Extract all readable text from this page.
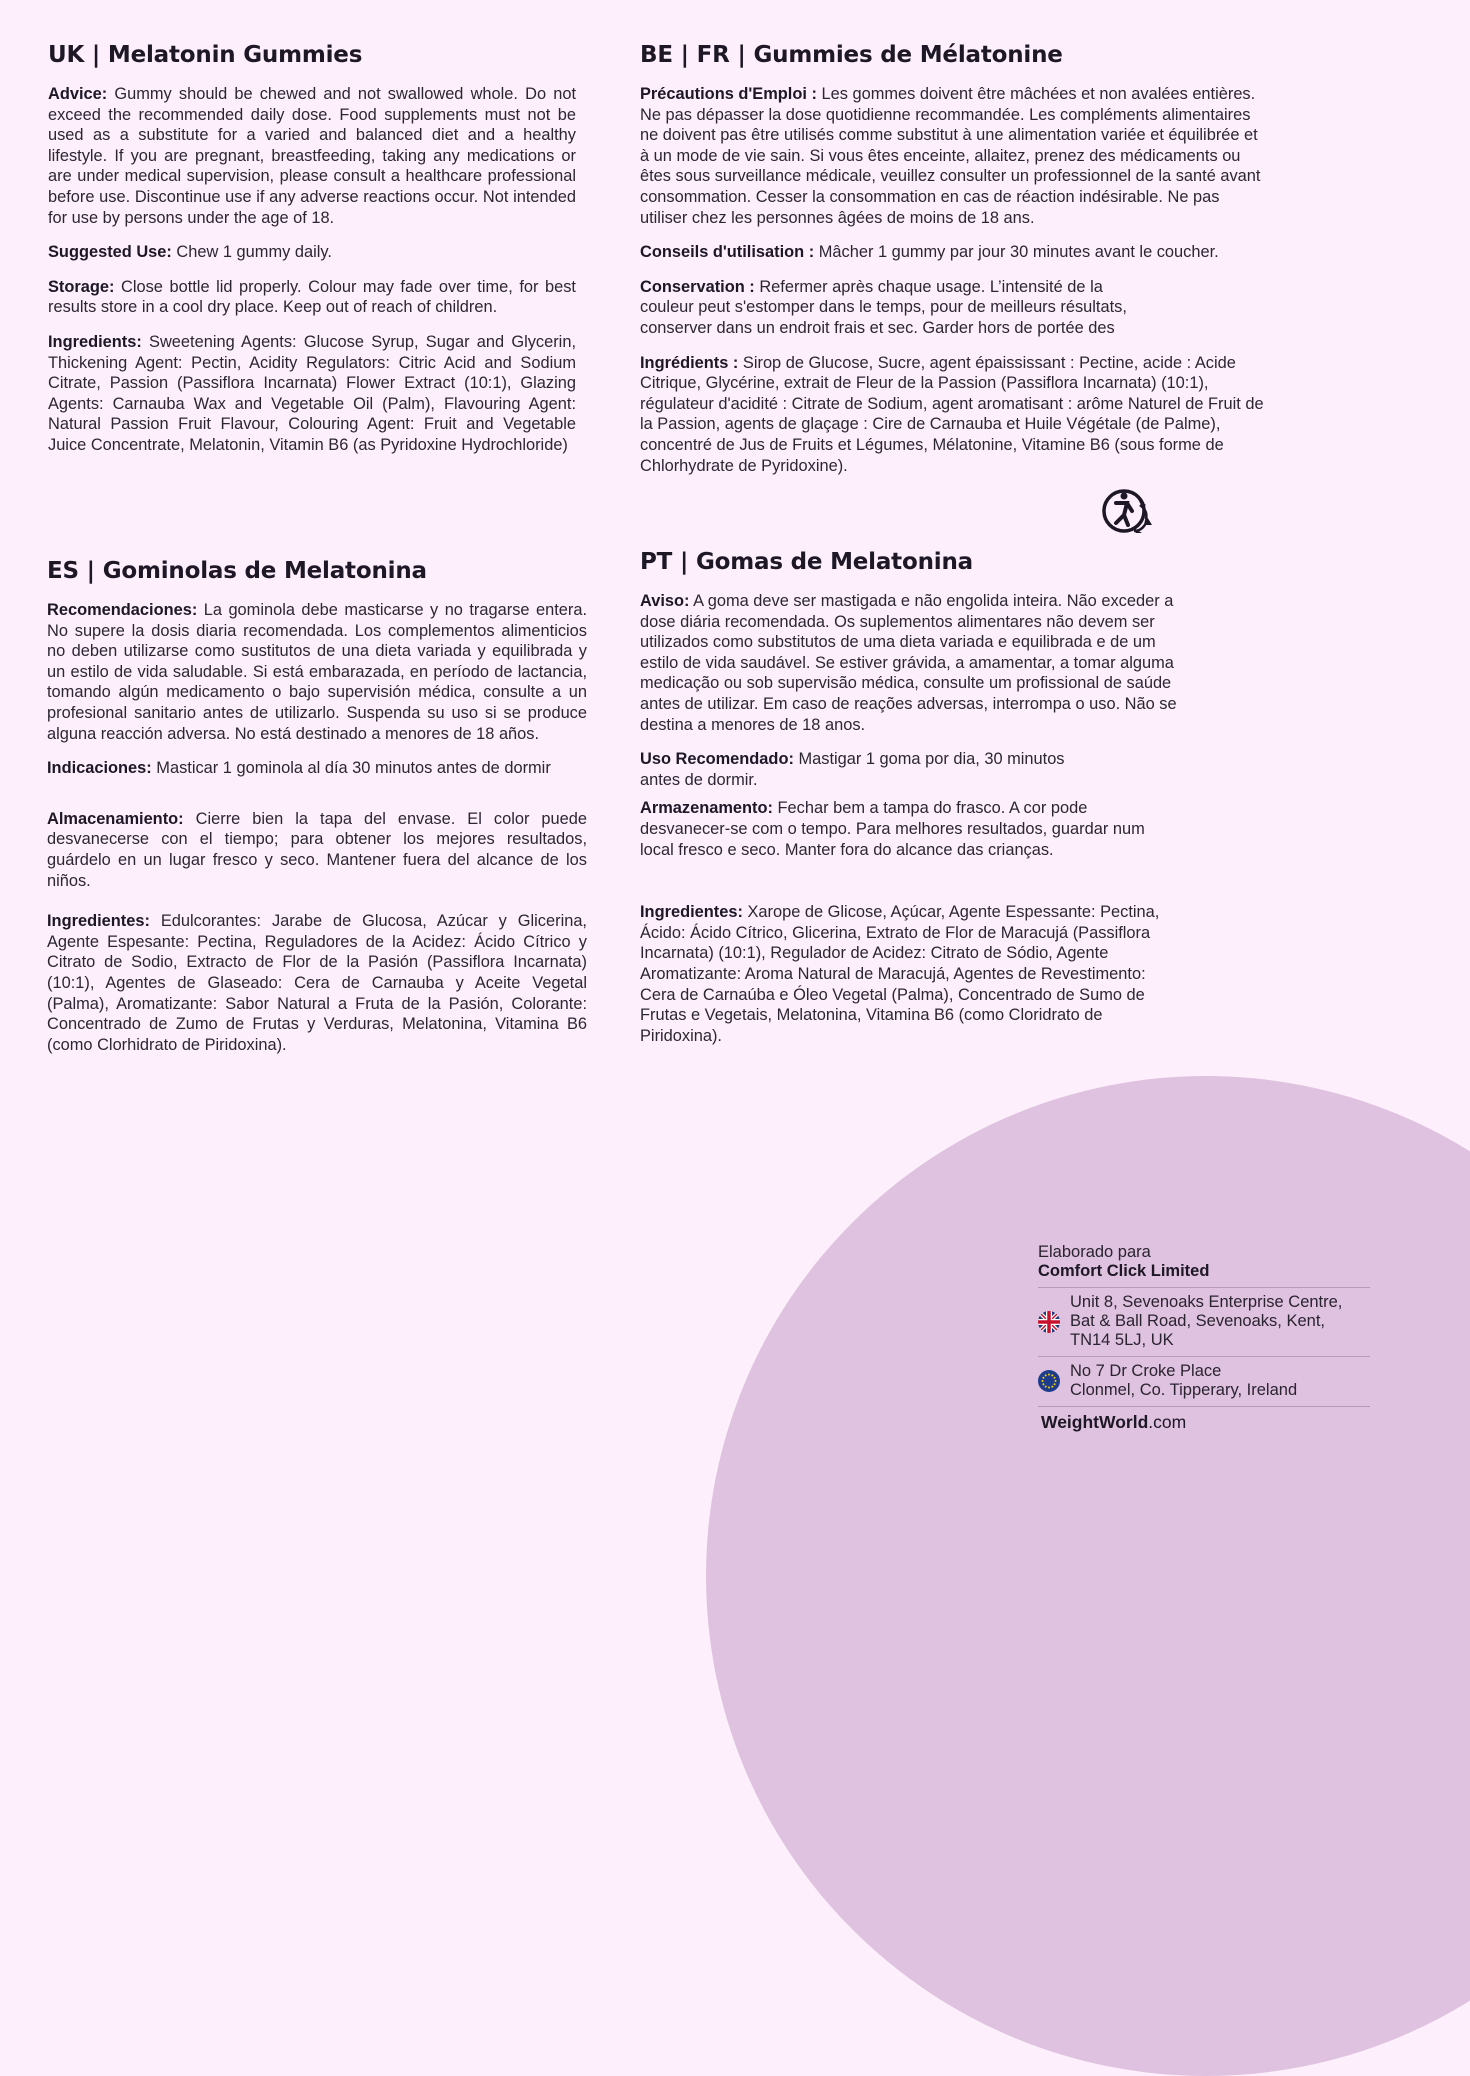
UK | Melatonin Gummies

Advice: Gummy should be chewed and not swallowed whole. Do not exceed the recommended daily dose. Food supplements must not be used as a substitute for a varied and balanced diet and a healthy lifestyle. If you are pregnant, breastfeeding, taking any medications or are under medical supervision, please consult a healthcare professional before use. Discontinue use if any adverse reactions occur. Not intended for use by persons under the age of 18.

Suggested Use: Chew 1 gummy daily.

Storage: Close bottle lid properly. Colour may fade over time, for best results store in a cool dry place. Keep out of reach of children.

Ingredients: Sweetening Agents: Glucose Syrup, Sugar and Glycerin, Thickening Agent: Pectin, Acidity Regulators: Citric Acid and Sodium Citrate, Passion (Passiflora Incarnata) Flower Extract (10:1), Glazing Agents: Carnauba Wax and Vegetable Oil (Palm), Flavouring Agent: Natural Passion Fruit Flavour, Colouring Agent: Fruit and Vegetable Juice Concentrate, Melatonin, Vitamin B6 (as Pyridoxine Hydrochloride)

BE | FR | Gummies de Mélatonine

Précautions d'Emploi : Les gommes doivent être mâchées et non avalées entières. Ne pas dépasser la dose quotidienne recommandée. Les compléments alimentaires ne doivent pas être utilisés comme substitut à une alimentation variée et équilibrée et à un mode de vie sain. Si vous êtes enceinte, allaitez, prenez des médicaments ou êtes sous surveillance médicale, veuillez consulter un professionnel de la santé avant consommation. Cesser la consommation en cas de réaction indésirable. Ne pas utiliser chez les personnes âgées de moins de 18 ans.

Conseils d'utilisation : Mâcher 1 gummy par jour 30 minutes avant le coucher.

Conservation : Refermer après chaque usage. L’intensité de la couleur peut s'estomper dans le temps, pour de meilleurs résultats, conserver dans un endroit frais et sec. Garder hors de portée des

Ingrédients : Sirop de Glucose, Sucre, agent épaississant : Pectine, acide : Acide Citrique, Glycérine, extrait de Fleur de la Passion (Passiflora Incarnata) (10:1), régulateur d'acidité : Citrate de Sodium, agent aromatisant : arôme Naturel de Fruit de la Passion, agents de glaçage : Cire de Carnauba et Huile Végétale (de Palme), concentré de Jus de Fruits et Légumes, Mélatonine, Vitamine B6 (sous forme de Chlorhydrate de Pyridoxine).

ES | Gominolas de Melatonina

Recomendaciones: La gominola debe masticarse y no tragarse entera. No supere la dosis diaria recomendada. Los complementos alimenticios no deben utilizarse como sustitutos de una dieta variada y equilibrada y un estilo de vida saludable. Si está embarazada, en período de lactancia, tomando algún medicamento o bajo supervisión médica, consulte a un profesional sanitario antes de utilizarlo. Suspenda su uso si se produce alguna reacción adversa. No está destinado a menores de 18 años.

Indicaciones: Masticar 1 gominola al día 30 minutos antes de dormir

Almacenamiento: Cierre bien la tapa del envase. El color puede desvanecerse con el tiempo; para obtener los mejores resultados, guárdelo en un lugar fresco y seco. Mantener fuera del alcance de los niños.

Ingredientes: Edulcorantes: Jarabe de Glucosa, Azúcar y Glicerina, Agente Espesante: Pectina, Reguladores de la Acidez: Ácido Cítrico y Citrato de Sodio, Extracto de Flor de la Pasión (Passiflora Incarnata) (10:1), Agentes de Glaseado: Cera de Carnauba y Aceite Vegetal (Palma), Aromatizante: Sabor Natural a Fruta de la Pasión, Colorante: Concentrado de Zumo de Frutas y Verduras, Melatonina, Vitamina B6 (como Clorhidrato de Piridoxina).

PT | Gomas de Melatonina

Aviso: A goma deve ser mastigada e não engolida inteira. Não exceder a dose diária recomendada. Os suplementos alimentares não devem ser utilizados como substitutos de uma dieta variada e equilibrada e de um estilo de vida saudável. Se estiver grávida, a amamentar, a tomar alguma medicação ou sob supervisão médica, consulte um profissional de saúde antes de utilizar. Em caso de reações adversas, interrompa o uso. Não se destina a menores de 18 anos.

Uso Recomendado: Mastigar 1 goma por dia, 30 minutos antes de dormir.

Armazenamento: Fechar bem a tampa do frasco. A cor pode desvanecer-se com o tempo. Para melhores resultados, guardar num local fresco e seco. Manter fora do alcance das crianças.

Ingredientes: Xarope de Glicose, Açúcar, Agente Espessante: Pectina, Ácido: Ácido Cítrico, Glicerina, Extrato de Flor de Maracujá (Passiflora Incarnata) (10:1), Regulador de Acidez: Citrato de Sódio, Agente Aromatizante: Aroma Natural de Maracujá, Agentes de Revestimento: Cera de Carnaúba e Óleo Vegetal (Palma), Concentrado de Sumo de Frutas e Vegetais, Melatonina, Vitamina B6 (como Cloridrato de Piridoxina).

Elaborado para
Comfort Click Limited
Unit 8, Sevenoaks Enterprise Centre,
Bat & Ball Road, Sevenoaks, Kent,
TN14 5LJ, UK
No 7 Dr Croke Place
Clonmel, Co. Tipperary, Ireland
WeightWorld.com
